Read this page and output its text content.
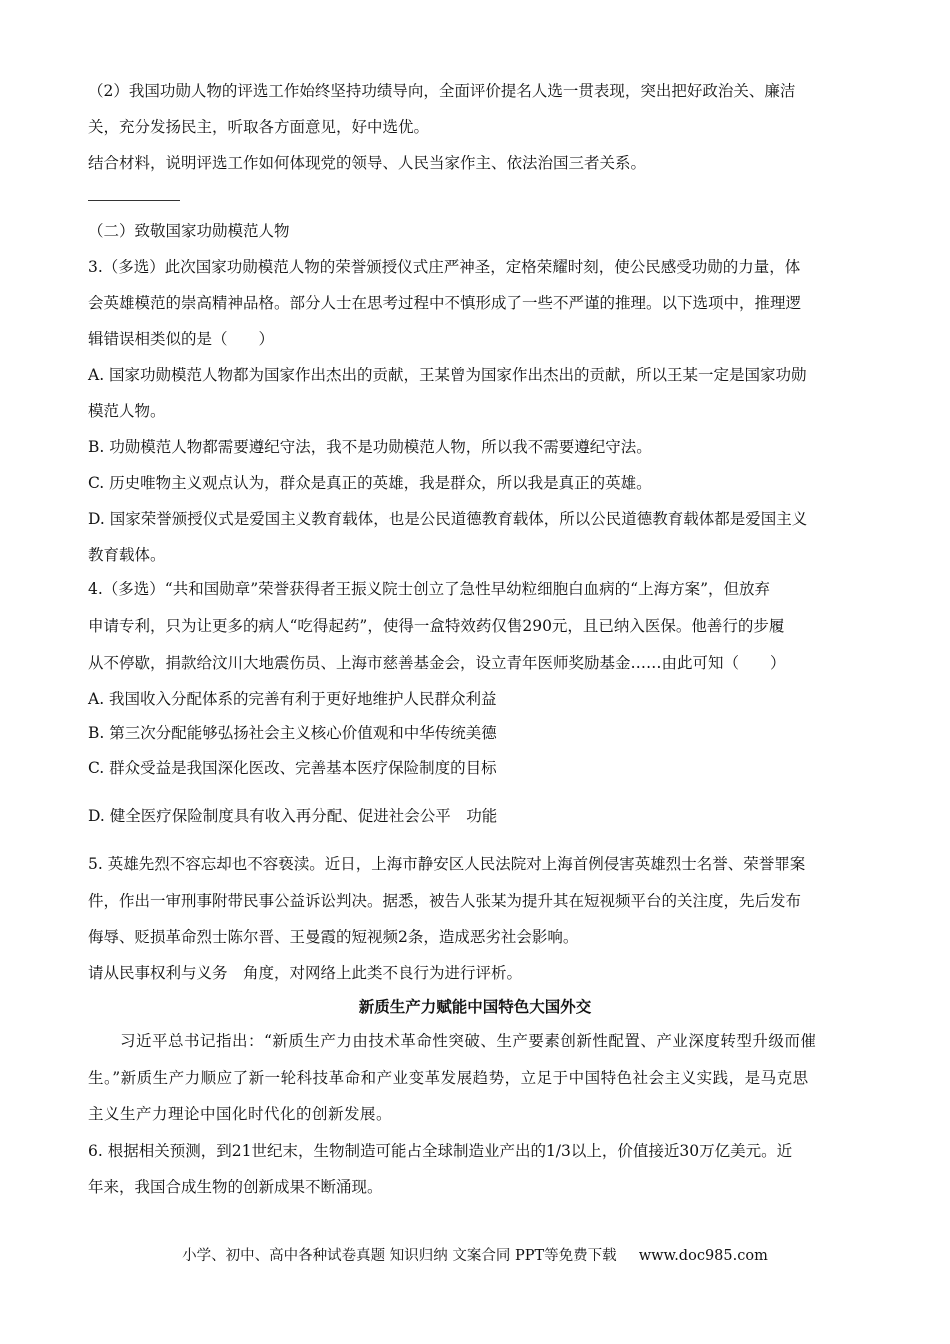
（2）我国功勋人物的评选工作始终坚持功绩导向，全面评价提名人选一贯表现，突出把好政治关、廉洁
关，充分发扬民主，听取各方面意见，好中选优。
结合材料，说明评选工作如何体现党的领导、人民当家作主、依法治国三者关系。
（二）致敬国家功勋模范人物
3.（多选）此次国家功勋模范人物的荣誉颁授仪式庄严神圣，定格荣耀时刻，使公民感受功勋的力量，体
会英雄模范的崇高精神品格。部分人士在思考过程中不慎形成了一些不严谨的推理。以下选项中，推理逻
辑错误相类似的是（　　）
A. 国家功勋模范人物都为国家作出杰出的贡献，王某曾为国家作出杰出的贡献，所以王某一定是国家功勋
模范人物。
B. 功勋模范人物都需要遵纪守法，我不是功勋模范人物，所以我不需要遵纪守法。
C. 历史唯物主义观点认为，群众是真正的英雄，我是群众，所以我是真正的英雄。
D. 国家荣誉颁授仪式是爱国主义教育载体，也是公民道德教育载体，所以公民道德教育载体都是爱国主义
教育载体。
4.（多选）“共和国勋章”荣誉获得者王振义院士创立了急性早幼粒细胞白血病的“上海方案”，但放弃
申请专利，只为让更多的病人“吃得起药”，使得一盒特效药仅售290元，且已纳入医保。他善行的步履
从不停歇，捐款给汶川大地震伤员、上海市慈善基金会，设立青年医师奖励基金……由此可知（　　）
A. 我国收入分配体系的完善有利于更好地维护人民群众利益
B. 第三次分配能够弘扬社会主义核心价值观和中华传统美德
C. 群众受益是我国深化医改、完善基本医疗保险制度的目标
D. 健全医疗保险制度具有收入再分配、促进社会公平　功能
5. 英雄先烈不容忘却也不容亵渎。近日，上海市静安区人民法院对上海首例侵害英雄烈士名誉、荣誉罪案
件，作出一审刑事附带民事公益诉讼判决。据悉，被告人张某为提升其在短视频平台的关注度，先后发布
侮辱、贬损革命烈士陈尔晋、王曼霞的短视频2条，造成恶劣社会影响。
请从民事权利与义务　角度，对网络上此类不良行为进行评析。
新质生产力赋能中国特色大国外交
习近平总书记指出：“新质生产力由技术革命性突破、生产要素创新性配置、产业深度转型升级而催
生。”新质生产力顺应了新一轮科技革命和产业变革发展趋势，立足于中国特色社会主义实践，是马克思
主义生产力理论中国化时代化的创新发展。
6. 根据相关预测，到21世纪末，生物制造可能占全球制造业产出的1/3以上，价值接近30万亿美元。近
年来，我国合成生物的创新成果不断涌现。
小学、初中、高中各种试卷真题 知识归纳 文案合同 PPT等免费下载 www.doc985.com
